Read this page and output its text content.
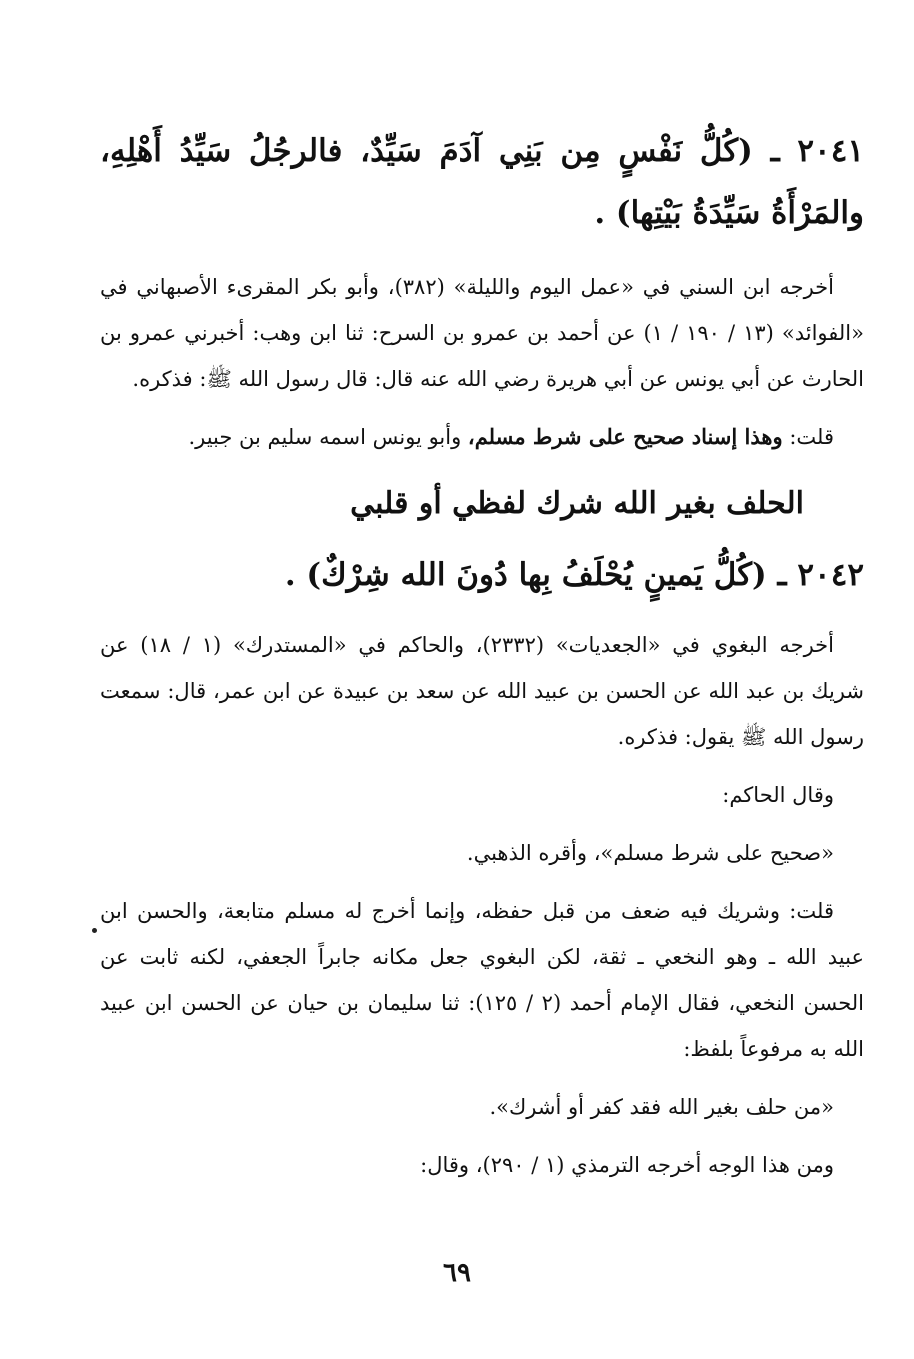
٢٠٤١ ـ (كُلُّ نَفْسٍ مِن بَنِي آدَمَ سَيِّدٌ، فالرجُلُ سَيِّدُ أَهْلِهِ، والمَرْأَةُ سَيِّدَةُ بَيْتِها) .

أخرجه ابن السني في «عمل اليوم والليلة» (٣٨٢)، وأبو بكر المقرىء الأصبهاني في «الفوائد» (١٣ / ١٩٠ / ١) عن أحمد بن عمرو بن السرح: ثنا ابن وهب: أخبرني عمرو بن الحارث عن أبي يونس عن أبي هريرة رضي الله عنه قال: قال رسول الله ﷺ: فذكره.

قلت: وهذا إسناد صحيح على شرط مسلم، وأبو يونس اسمه سليم بن جبير.

الحلف بغير الله شرك لفظي أو قلبي
٢٠٤٢ ـ (كُلُّ يَمينٍ يُحْلَفُ بِها دُونَ الله شِرْكٌ) .

أخرجه البغوي في «الجعديات» (٢٣٣٢)، والحاكم في «المستدرك» (١ / ١٨) عن شريك بن عبد الله عن الحسن بن عبيد الله عن سعد بن عبيدة عن ابن عمر، قال: سمعت رسول الله ﷺ يقول: فذكره.

وقال الحاكم:

«صحيح على شرط مسلم»، وأقره الذهبي.

قلت: وشريك فيه ضعف من قبل حفظه، وإنما أخرج له مسلم متابعة، والحسن ابن عبيد الله ـ وهو النخعي ـ ثقة، لكن البغوي جعل مكانه جابراً الجعفي، لكنه ثابت عن الحسن النخعي، فقال الإمام أحمد (٢ / ١٢٥): ثنا سليمان بن حيان عن الحسن ابن عبيد الله به مرفوعاً بلفظ:

«من حلف بغير الله فقد كفر أو أشرك».

ومن هذا الوجه أخرجه الترمذي (١ / ٢٩٠)، وقال:

٦٩
